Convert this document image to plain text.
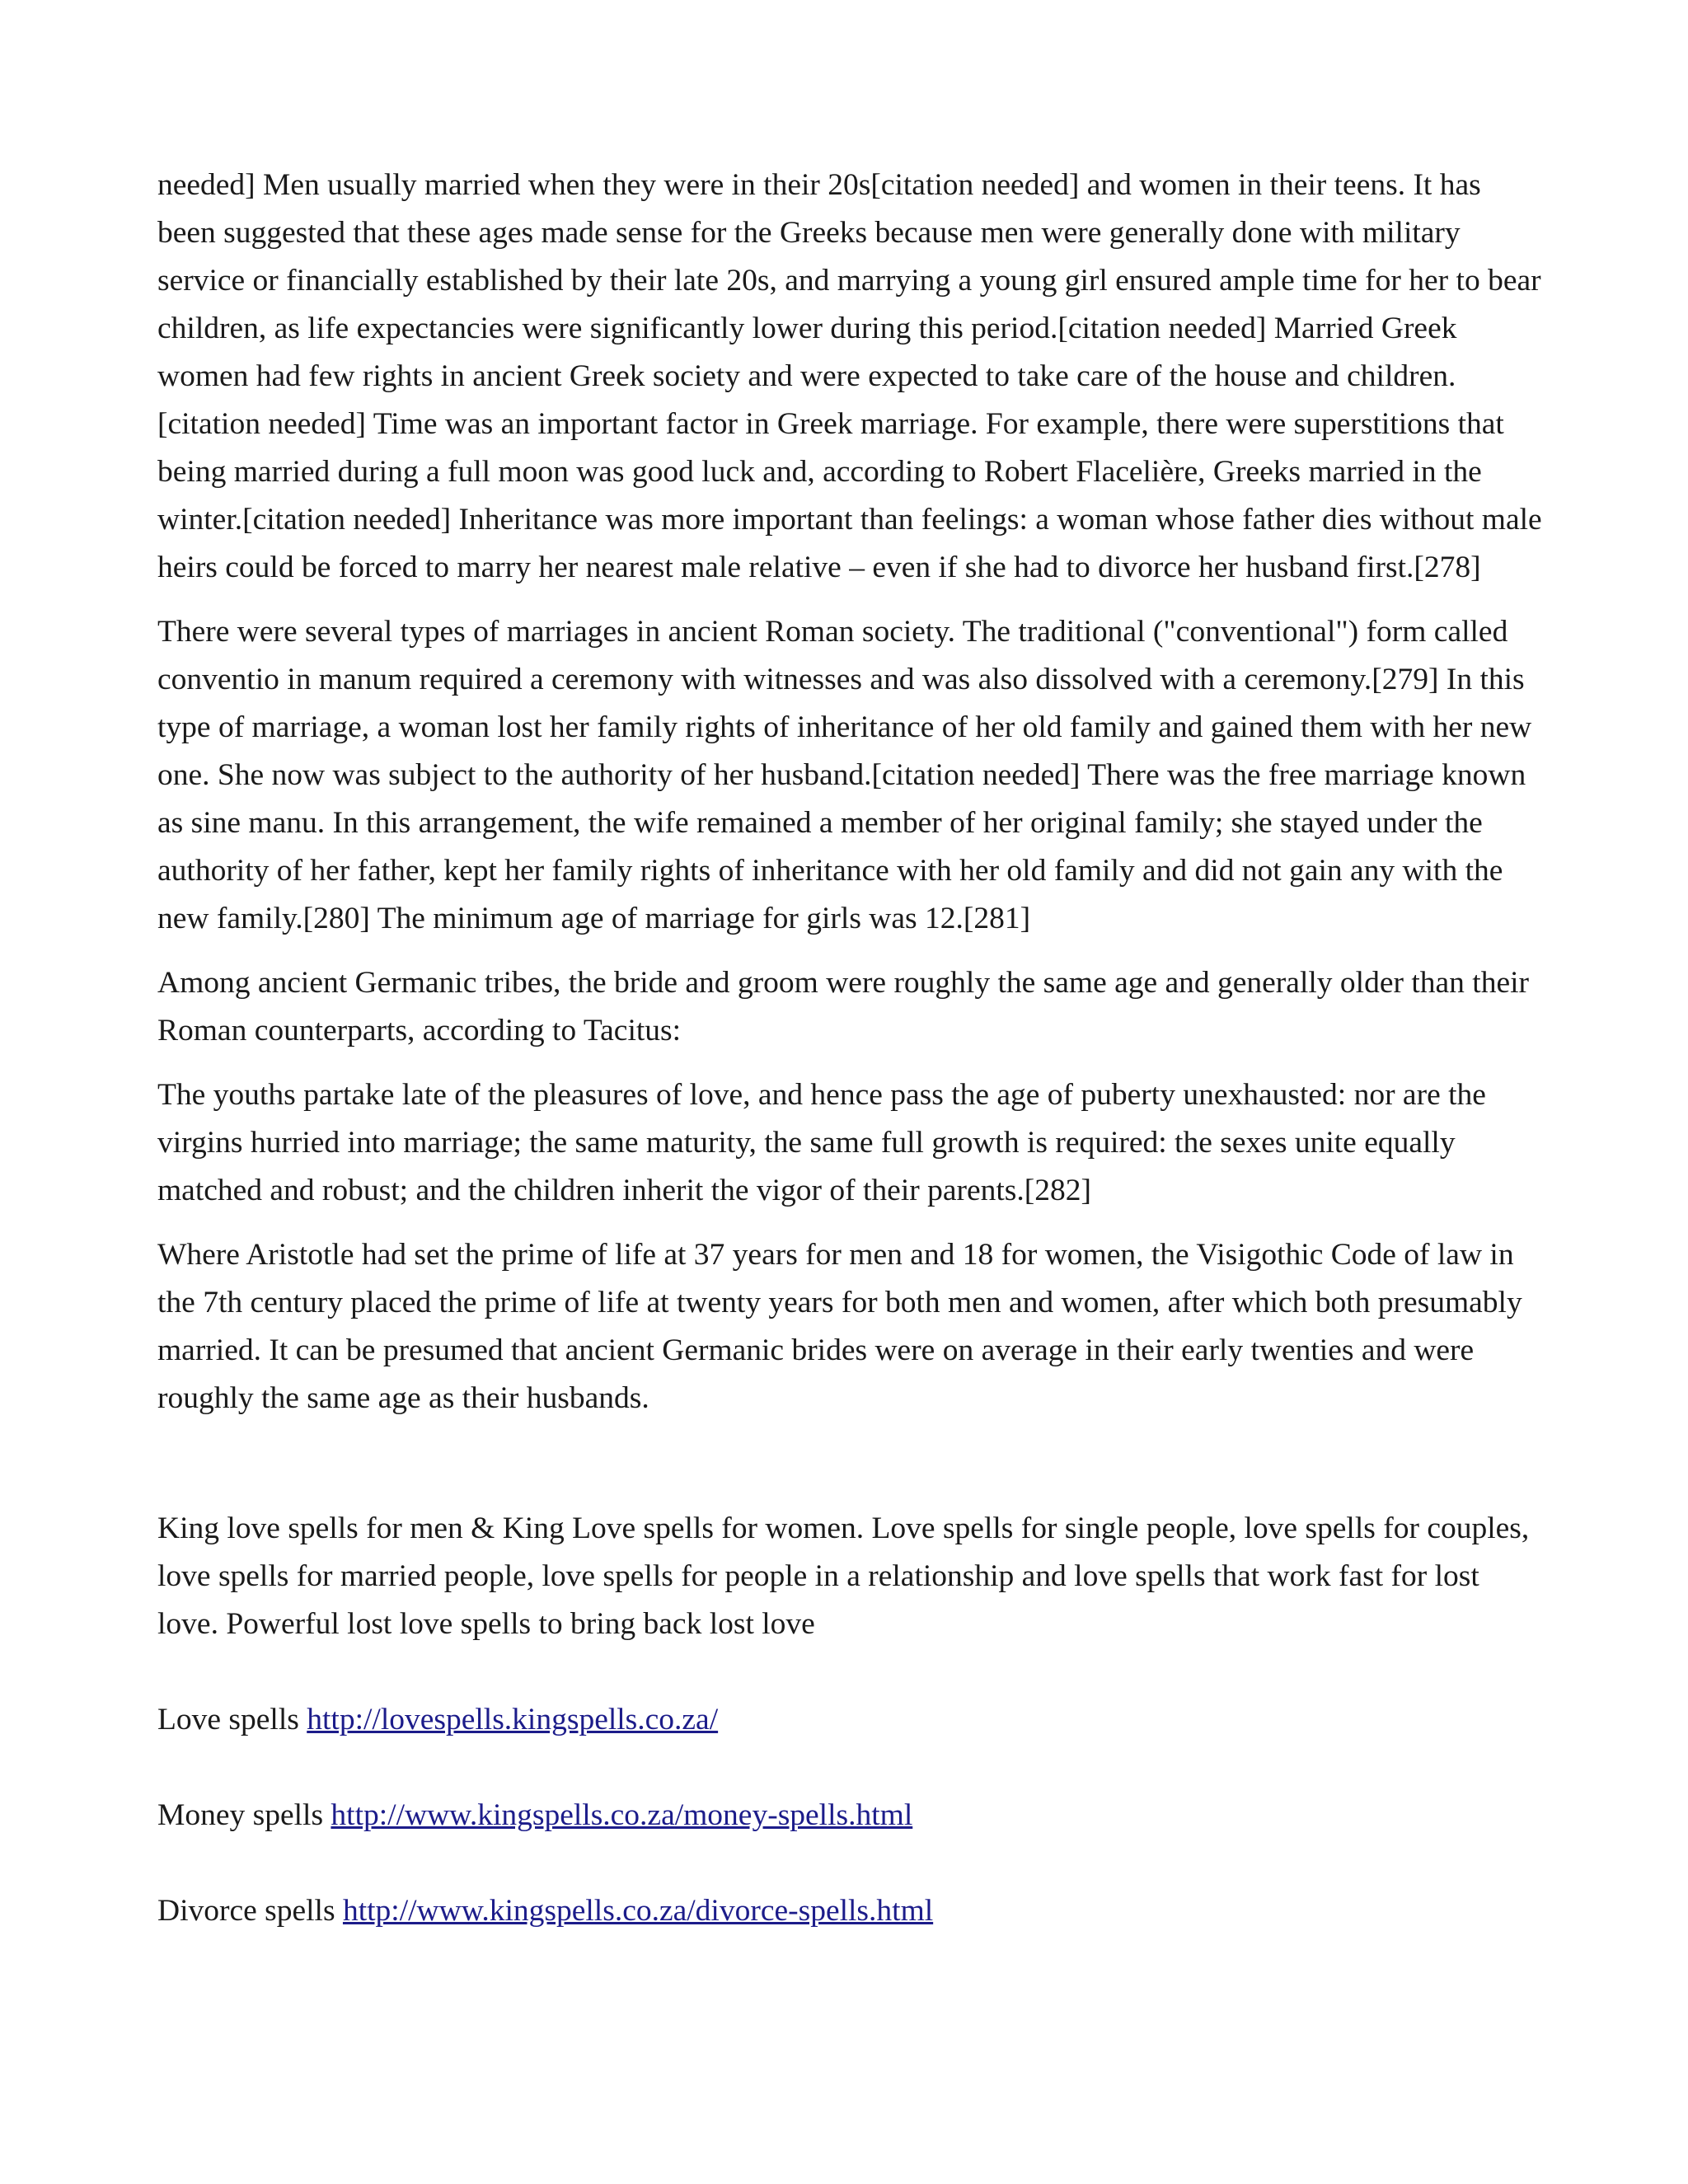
needed] Men usually married when they were in their 20s[citation needed] and women in their teens. It has been suggested that these ages made sense for the Greeks because men were generally done with military service or financially established by their late 20s, and marrying a young girl ensured ample time for her to bear children, as life expectancies were significantly lower during this period.[citation needed] Married Greek women had few rights in ancient Greek society and were expected to take care of the house and children.[citation needed] Time was an important factor in Greek marriage. For example, there were superstitions that being married during a full moon was good luck and, according to Robert Flacelière, Greeks married in the winter.[citation needed] Inheritance was more important than feelings: a woman whose father dies without male heirs could be forced to marry her nearest male relative – even if she had to divorce her husband first.[278]

There were several types of marriages in ancient Roman society. The traditional ("conventional") form called conventio in manum required a ceremony with witnesses and was also dissolved with a ceremony.[279] In this type of marriage, a woman lost her family rights of inheritance of her old family and gained them with her new one. She now was subject to the authority of her husband.[citation needed] There was the free marriage known as sine manu. In this arrangement, the wife remained a member of her original family; she stayed under the authority of her father, kept her family rights of inheritance with her old family and did not gain any with the new family.[280] The minimum age of marriage for girls was 12.[281]

Among ancient Germanic tribes, the bride and groom were roughly the same age and generally older than their Roman counterparts, according to Tacitus:

The youths partake late of the pleasures of love, and hence pass the age of puberty unexhausted: nor are the virgins hurried into marriage; the same maturity, the same full growth is required: the sexes unite equally matched and robust; and the children inherit the vigor of their parents.[282]

Where Aristotle had set the prime of life at 37 years for men and 18 for women, the Visigothic Code of law in the 7th century placed the prime of life at twenty years for both men and women, after which both presumably married. It can be presumed that ancient Germanic brides were on average in their early twenties and were roughly the same age as their husbands.

King love spells for men & King Love spells for women. Love spells for single people, love spells for couples, love spells for married people, love spells for people in a relationship and love spells that work fast for lost love. Powerful lost love spells to bring back lost love

Love spells http://lovespells.kingspells.co.za/

Money spells http://www.kingspells.co.za/money-spells.html

Divorce spells http://www.kingspells.co.za/divorce-spells.html
